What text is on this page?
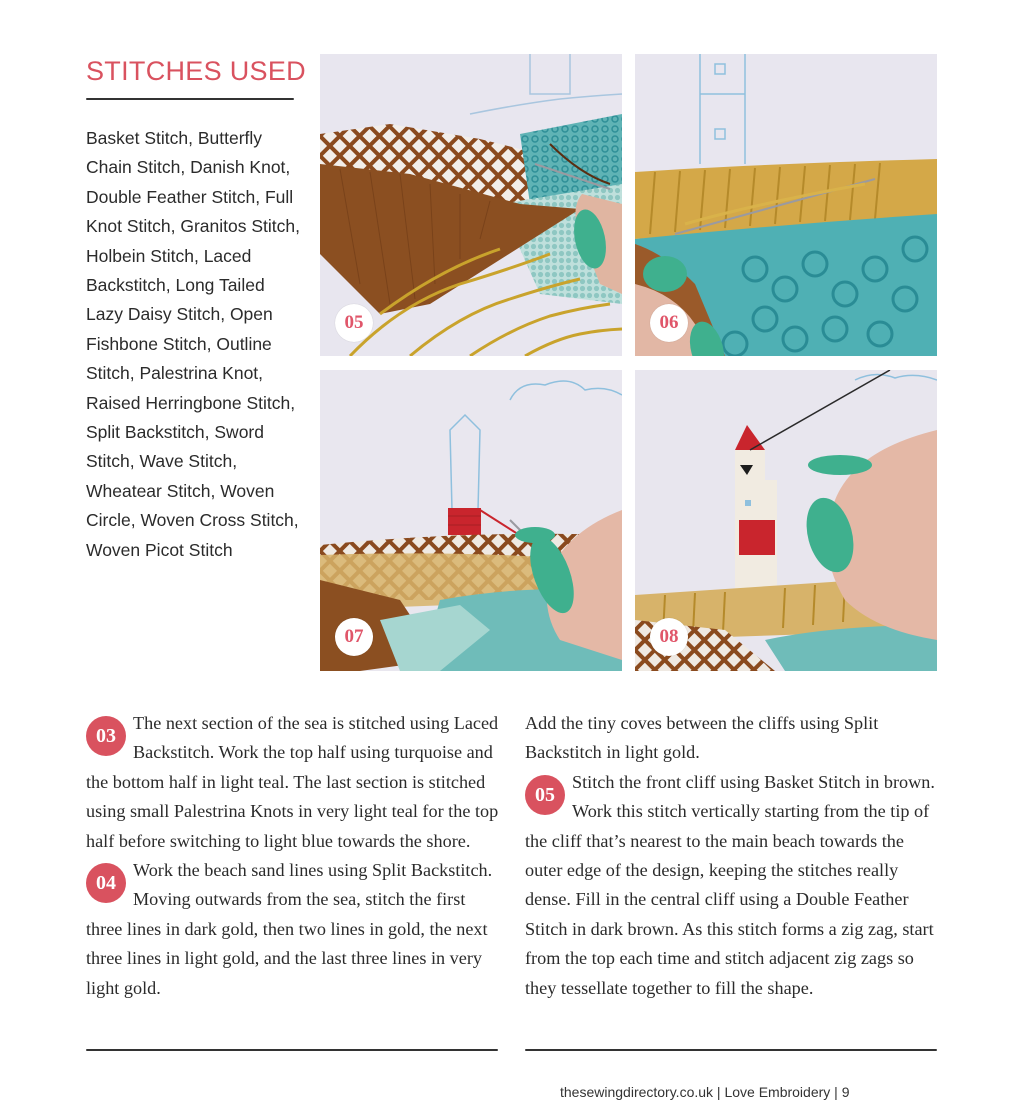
STITCHES USED

Basket Stitch, Butterfly Chain Stitch, Danish Knot, Double Feather Stitch, Full Knot Stitch, Granitos Stitch, Holbein Stitch, Laced Backstitch, Long Tailed Lazy Daisy Stitch, Open Fishbone Stitch, Outline Stitch, Palestrina Knot, Raised Herringbone Stitch, Split Backstitch, Sword Stitch, Wave Stitch, Wheatear Stitch, Woven Circle, Woven Cross Stitch, Woven Picot Stitch

05	06
07	08

03
The next section of the sea is stitched using Laced Backstitch. Work the top half using turquoise and the bottom half in light teal. The last section is stitched using small Palestrina Knots in very light teal for the top half before switching to light blue towards the shore.

04
Work the beach sand lines using Split Backstitch. Moving outwards from the sea, stitch the first three lines in dark gold, then two lines in gold, the next three lines in light gold, and the last three lines in very light gold.

Add the tiny coves between the cliffs using Split Backstitch in light gold.

05
Stitch the front cliff using Basket Stitch in brown. Work this stitch vertically starting from the tip of the cliff that’s nearest to the main beach towards the outer edge of the design, keeping the stitches really dense. Fill in the central cliff using a Double Feather Stitch in dark brown. As this stitch forms a zig zag, start from the top each time and stitch adjacent zig zags so they tessellate together to fill the shape.

thesewingdirectory.co.uk | Love Embroidery | 9
